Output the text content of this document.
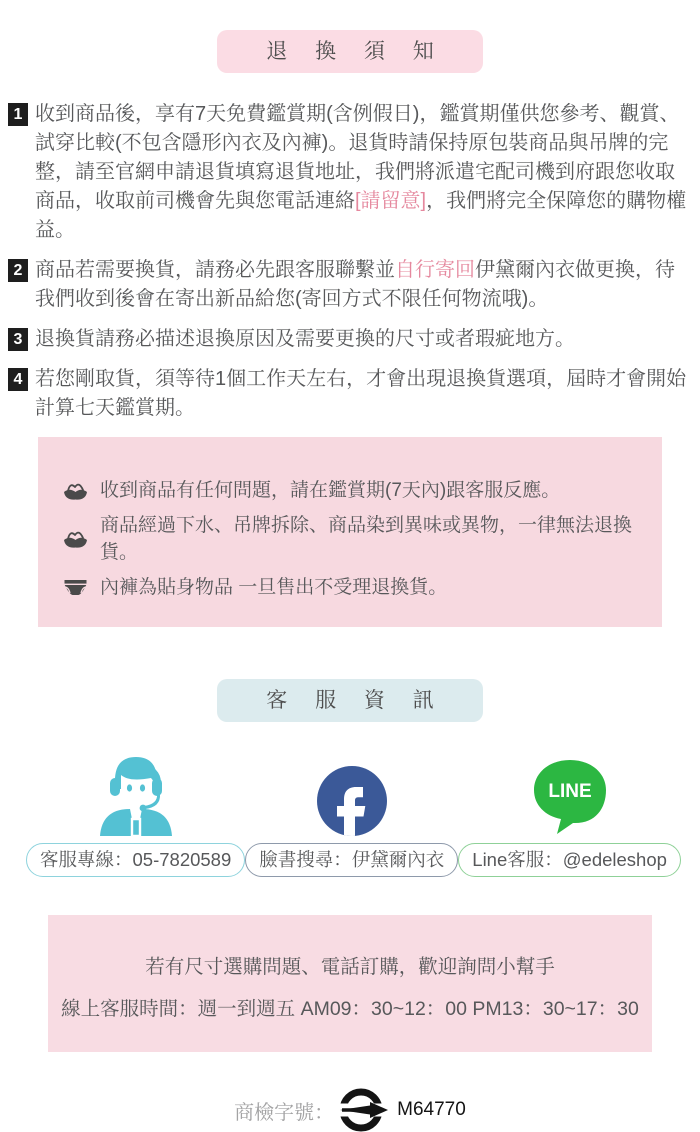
退 換 須 知
1 收到商品後，享有7天免費鑑賞期(含例假日)，鑑賞期僅供您參考、觀賞、試穿比較(不包含隱形內衣及內褲)。退貨時請保持原包裝商品與吊牌的完整，請至官網申請退貨填寫退貨地址，我們將派遣宅配司機到府跟您收取商品，收取前司機會先與您電話連絡[請留意]，我們將完全保障您的購物權益。
2 商品若需要換貨，請務必先跟客服聯繫並自行寄回伊黛爾內衣做更換，待我們收到後會在寄出新品給您(寄回方式不限任何物流哦)。
3 退換貨請務必描述退換原因及需要更換的尺寸或者瑕疵地方。
4 若您剛取貨，須等待1個工作天左右，才會出現退換貨選項，屆時才會開始計算七天鑑賞期。
收到商品有任何問題，請在鑑賞期(7天內)跟客服反應。
商品經過下水、吊牌拆除、商品染到異味或異物，一律無法退換貨。
內褲為貼身物品 一旦售出不受理退換貨。
客 服 資 訊
客服專線：05-7820589	臉書搜尋：伊黛爾內衣
LINE
Line客服：@edeleshop
若有尺寸選購問題、電話訂購，歡迎詢問小幫手
線上客服時間：週一到週五 AM09：30~12：00 PM13：30~17：30
商檢字號：	M64770
